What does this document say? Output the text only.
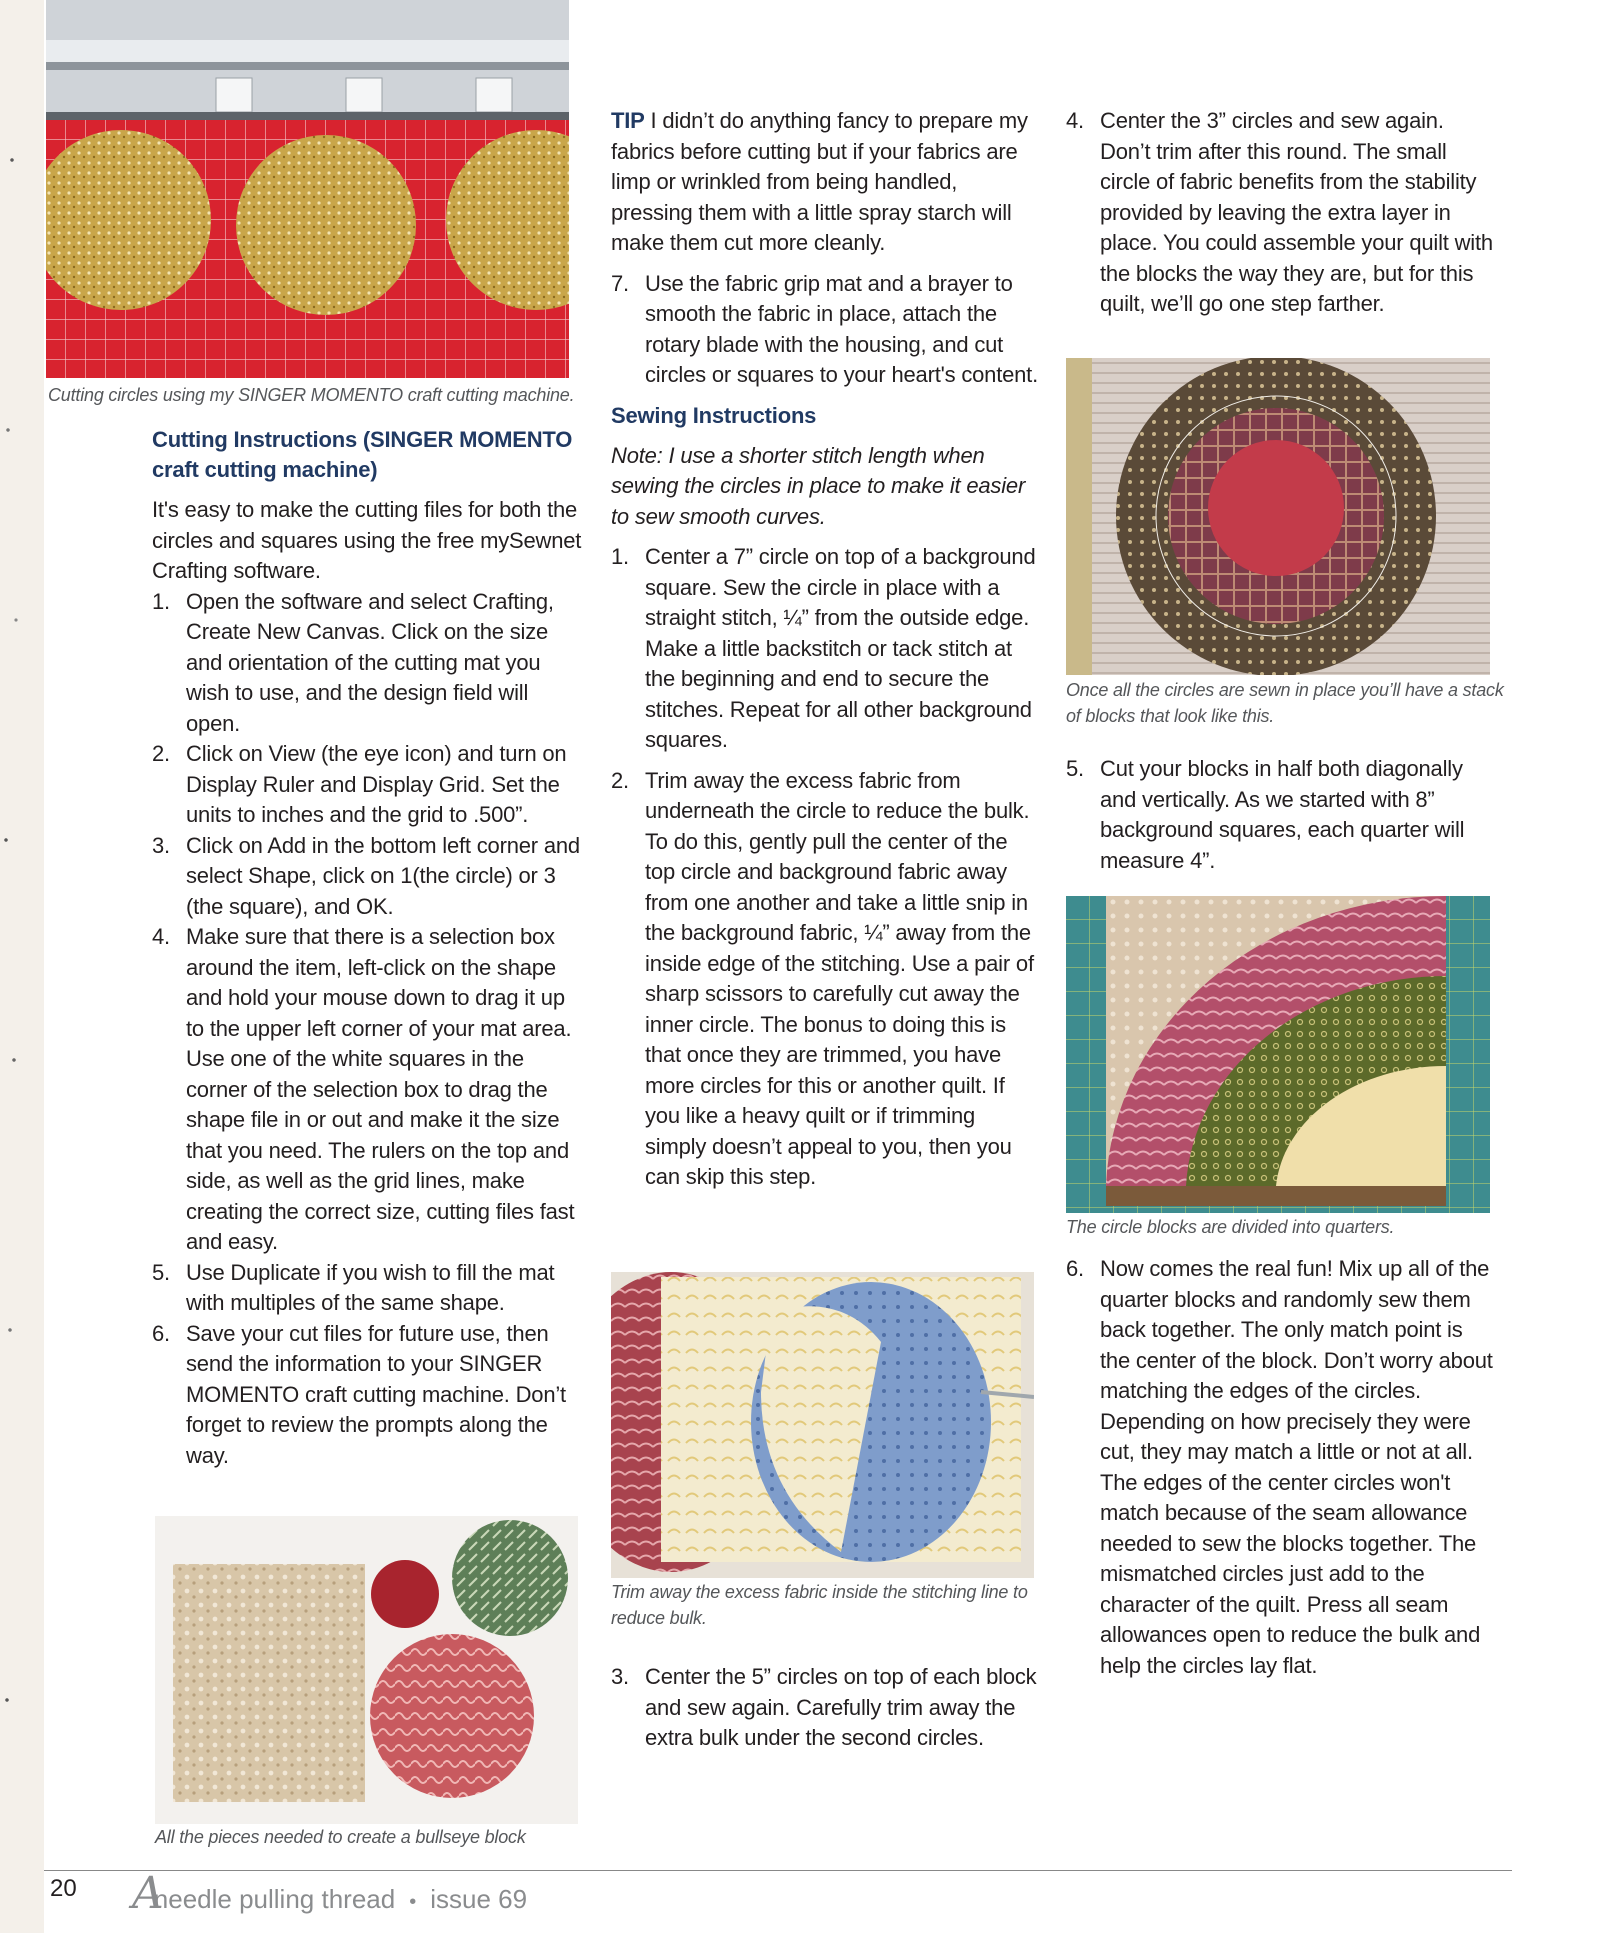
Cutting circles using my SINGER MOMENTO craft cutting machine.
Cutting Instructions (SINGER MOMENTO craft cutting machine)

It's easy to make the cutting files for both the circles and squares using the free mySewnet Crafting software.

1. Open the software and select Crafting, Create New Canvas. Click on the size and orientation of the cutting mat you wish to use, and the design field will open.
2. Click on View (the eye icon) and turn on Display Ruler and Display Grid. Set the units to inches and the grid to .500”.
3. Click on Add in the bottom left corner and select Shape, click on 1(the circle) or 3 (the square), and OK.
4. Make sure that there is a selection box around the item, left-click on the shape and hold your mouse down to drag it up to the upper left corner of your mat area. Use one of the white squares in the corner of the selection box to drag the shape file in or out and make it the size that you need. The rulers on the top and side, as well as the grid lines, make creating the correct size, cutting files fast and easy.
5. Use Duplicate if you wish to fill the mat with multiples of the same shape.
6. Save your cut files for future use, then send the information to your SINGER MOMENTO craft cutting machine. Don’t forget to review the prompts along the way.
All the pieces needed to create a bullseye block

TIP I didn’t do anything fancy to prepare my fabrics before cutting but if your fabrics are limp or wrinkled from being handled, pressing them with a little spray starch will make them cut more cleanly.

7. Use the fabric grip mat and a brayer to smooth the fabric in place, attach the rotary blade with the housing, and cut circles or squares to your heart's content.
Sewing Instructions

Note: I use a shorter stitch length when sewing the circles in place to make it easier to sew smooth curves.

1. Center a 7” circle on top of a background square. Sew the circle in place with a straight stitch, ¼” from the outside edge. Make a little backstitch or tack stitch at the beginning and end to secure the stitches. Repeat for all other background squares.
2. Trim away the excess fabric from underneath the circle to reduce the bulk. To do this, gently pull the center of the top circle and background fabric away from one another and take a little snip in the background fabric, ¼” away from the inside edge of the stitching. Use a pair of sharp scissors to carefully cut away the inner circle. The bonus to doing this is that once they are trimmed, you have more circles for this or another quilt. If you like a heavy quilt or if trimming simply doesn’t appeal to you, then you can skip this step.
Trim away the excess fabric inside the stitching line to reduce bulk.
3. Center the 5” circles on top of each block and sew again. Carefully trim away the extra bulk under the second circles.
4. Center the 3” circles and sew again. Don’t trim after this round. The small circle of fabric benefits from the stability provided by leaving the extra layer in place. You could assemble your quilt with the blocks the way they are, but for this quilt, we’ll go one step farther.
Once all the circles are sewn in place you’ll have a stack of blocks that look like this.
5. Cut your blocks in half both diagonally and vertically. As we started with 8” background squares, each quarter will measure 4”.
The circle blocks are divided into quarters.
6. Now comes the real fun! Mix up all of the quarter blocks and randomly sew them back together. The only match point is the center of the block. Don’t worry about matching the edges of the circles. Depending on how precisely they were cut, they may match a little or not at all. The edges of the center circles won't match because of the seam allowance needed to sew the blocks together. The mismatched circles just add to the character of the quilt. Press all seam allowances open to reduce the bulk and help the circles lay flat.
20 Aneedle pulling thread • issue 69
